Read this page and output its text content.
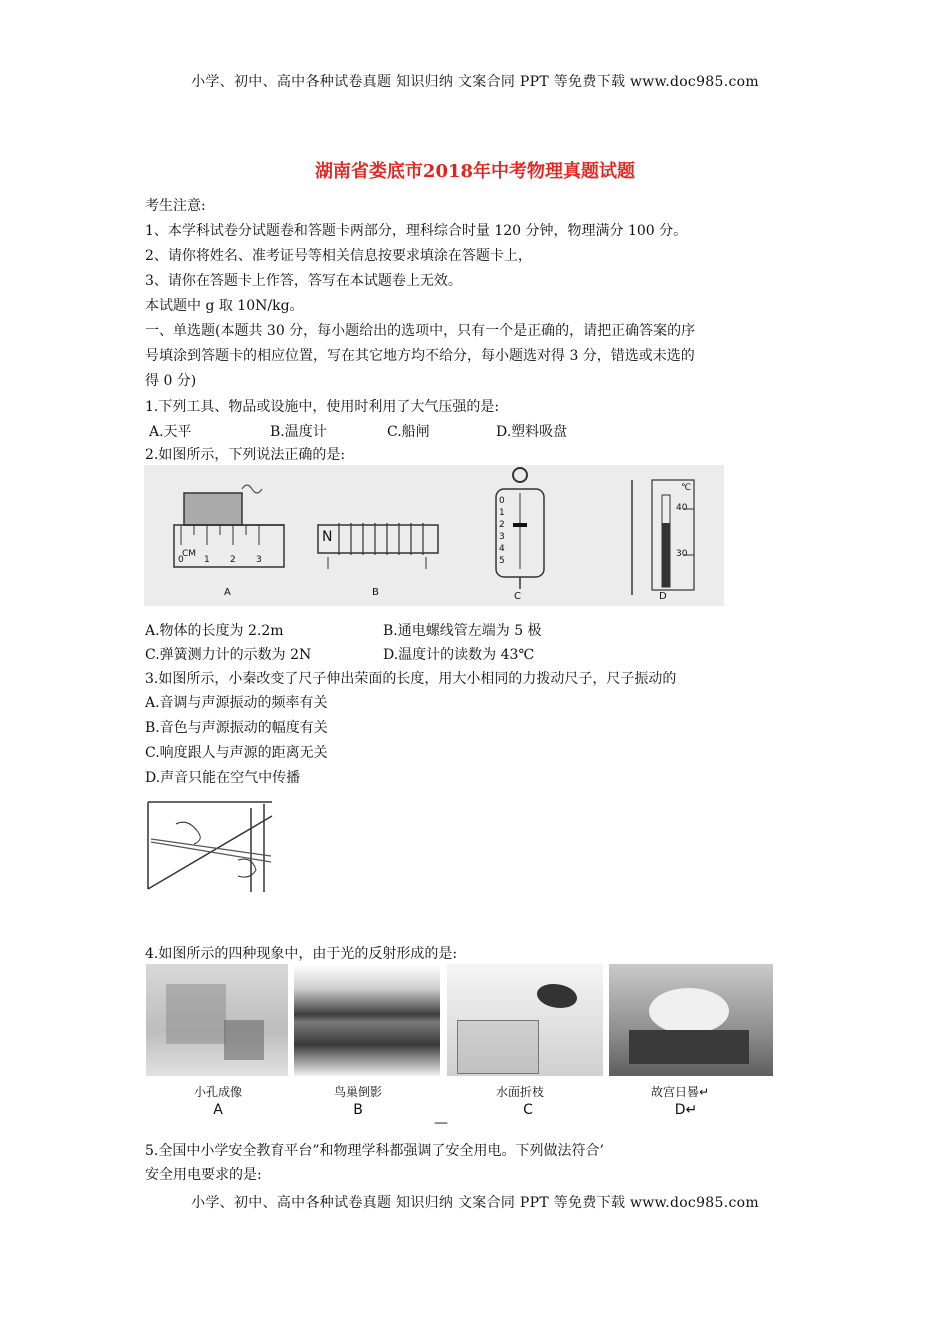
小学、初中、高中各种试卷真题 知识归纳 文案合同 PPT 等免费下载 www.doc985.com
湖南省娄底市2018年中考物理真题试题
考生注意:
1、本学科试卷分试题卷和答题卡两部分，理科综合时量 120 分钟，物理满分 100 分。
2、请你将姓名、准考证号等相关信息按要求填涂在答题卡上，
3、请你在答题卡上作答，答写在本试题卷上无效。
本试题中 g 取 10N/kg。
一、单选题(本题共 30 分，每小题给出的选项中，只有一个是正确的，请把正确答案的序
号填涂到答题卡的相应位置，写在其它地方均不给分，每小题选对得 3 分，错选或未选的
得 0 分)
1.下列工具、物品或设施中，使用时利用了大气压强的是:
A.天平	B.温度计	C.船闸	D.塑料吸盘
2.如图所示，下列说法正确的是:
CM
0 1 2 3
N
0
1
2
3
4
5
℃
40
30
A	B	C	D
A.物体的长度为 2.2m	B.通电螺线管左端为 5 极
C.弹簧测力计的示数为 2N	D.温度计的读数为 43℃
3.如图所示，小秦改变了尺子伸出荣面的长度，用大小相同的力拨动尺子，尺子振动的
A.音调与声源振动的频率有关
B.音色与声源振动的幅度有关
C.响度跟人与声源的距离无关
D.声音只能在空气中传播
4.如图所示的四种现象中，由于光的反射形成的是:
小孔成像	鸟巢倒影	水面折枝	故宫日晷↵
A	B	C	D↵
—
5.全国中小学安全教育平台”和物理学科都强调了安全用电。下列做法符合’
安全用电要求的是:
小学、初中、高中各种试卷真题 知识归纳 文案合同 PPT 等免费下载 www.doc985.com
